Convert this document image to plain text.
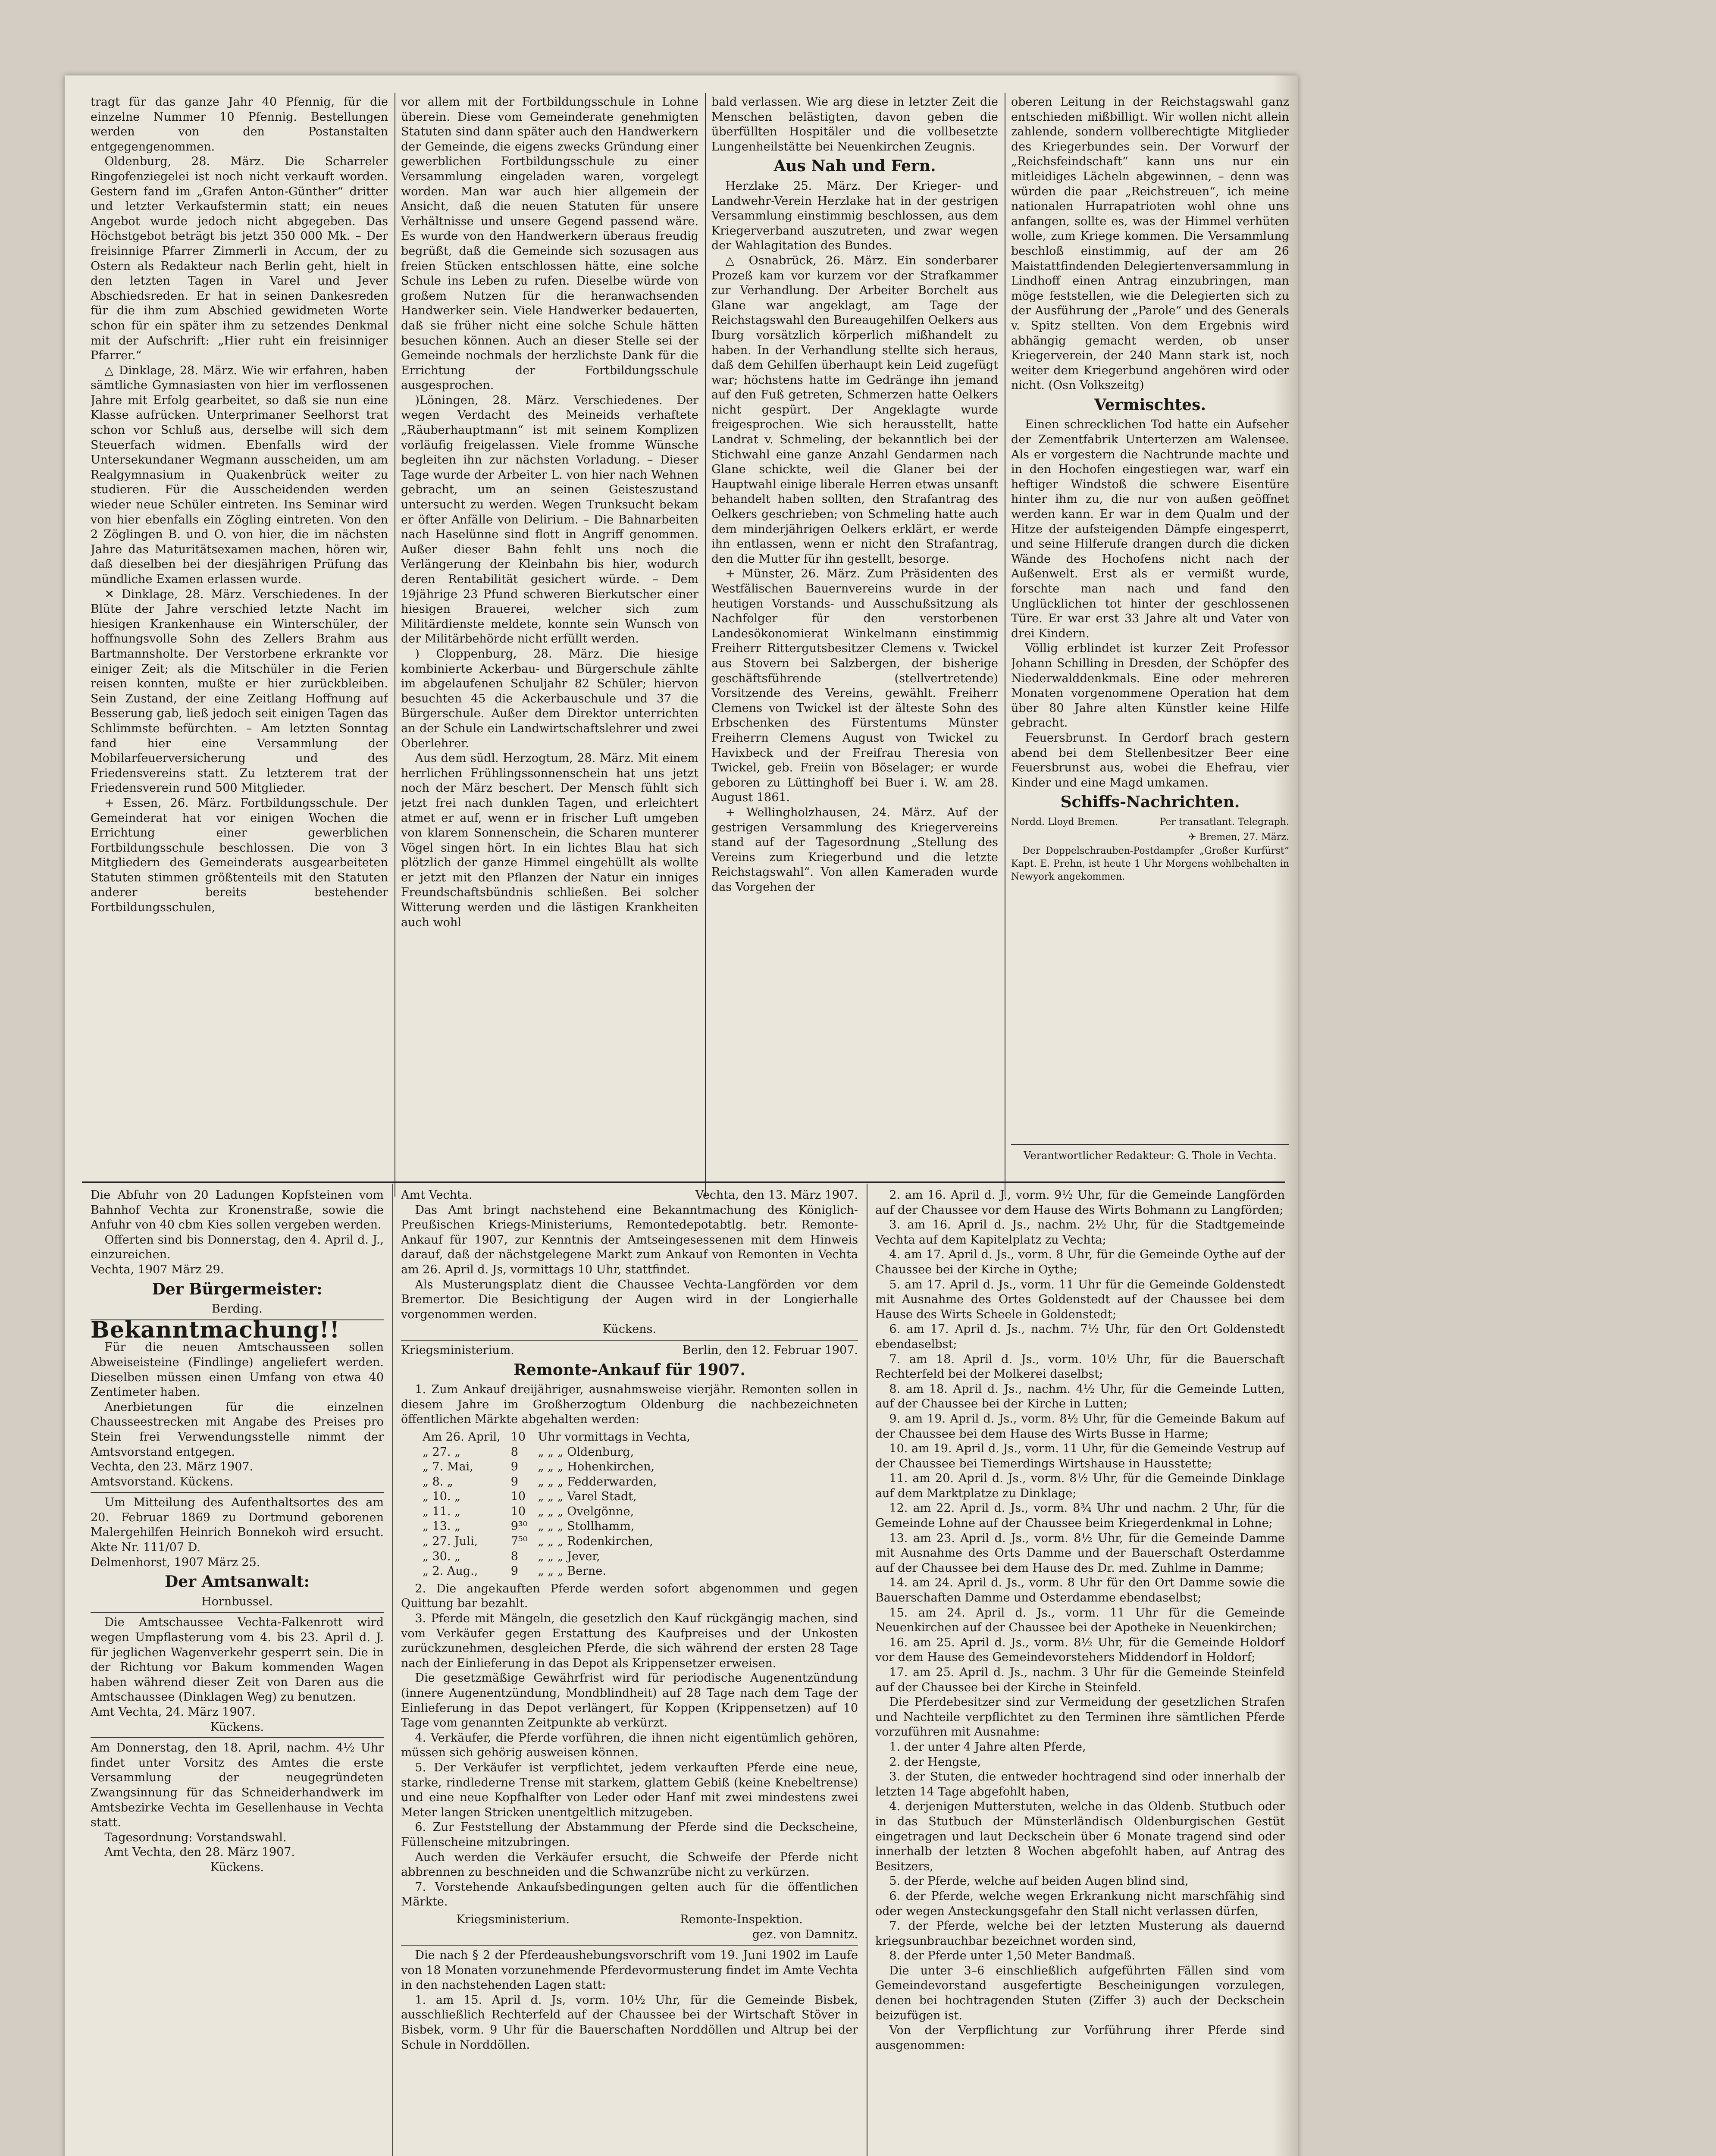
tragt für das ganze Jahr 40 Pfennig, für die einzelne Nummer 10 Pfennig. Bestellungen werden von den Postanstalten entgegengenommen.

Oldenburg, 28. März. Die Scharreler Ringofenziegelei ist noch nicht verkauft worden. Gestern fand im „Grafen Anton-Günther“ dritter und letzter Verkaufstermin statt; ein neues Angebot wurde jedoch nicht abgegeben. Das Höchstgebot beträgt bis jetzt 350 000 Mk. – Der freisinnige Pfarrer Zimmerli in Accum, der zu Ostern als Redakteur nach Berlin geht, hielt in den letzten Tagen in Varel und Jever Abschiedsreden. Er hat in seinen Dankesreden für die ihm zum Abschied gewidmeten Worte schon für ein später ihm zu setzendes Denkmal mit der Aufschrift: „Hier ruht ein freisinniger Pfarrer.“

△ Dinklage, 28. März. Wie wir erfahren, haben sämtliche Gymnasiasten von hier im verflossenen Jahre mit Erfolg gearbeitet, so daß sie nun eine Klasse aufrücken. Unterprimaner Seelhorst trat schon vor Schluß aus, derselbe will sich dem Steuerfach widmen. Ebenfalls wird der Untersekundaner Wegmann ausscheiden, um am Realgymnasium in Quakenbrück weiter zu studieren. Für die Ausscheidenden werden wieder neue Schüler eintreten. Ins Seminar wird von hier ebenfalls ein Zögling eintreten. Von den 2 Zöglingen B. und O. von hier, die im nächsten Jahre das Maturitätsexamen machen, hören wir, daß dieselben bei der diesjährigen Prüfung das mündliche Examen erlassen wurde.

✕ Dinklage, 28. März. Verschiedenes. In der Blüte der Jahre verschied letzte Nacht im hiesigen Krankenhause ein Winterschüler, der hoffnungsvolle Sohn des Zellers Brahm aus Bartmannsholte. Der Verstorbene erkrankte vor einiger Zeit; als die Mitschüler in die Ferien reisen konnten, mußte er hier zurückbleiben. Sein Zustand, der eine Zeitlang Hoffnung auf Besserung gab, ließ jedoch seit einigen Tagen das Schlimmste befürchten. – Am letzten Sonntag fand hier eine Versammlung der Mobilarfeuerversicherung und des Friedensvereins statt. Zu letzterem trat der Friedensverein rund 500 Mitglieder.

+ Essen, 26. März. Fortbildungsschule. Der Gemeinderat hat vor einigen Wochen die Errichtung einer gewerblichen Fortbildungsschule beschlossen. Die von 3 Mitgliedern des Gemeinderats ausgearbeiteten Statuten stimmen größtenteils mit den Statuten anderer bereits bestehender Fortbildungsschulen,

vor allem mit der Fortbildungsschule in Lohne überein. Diese vom Gemeinderate genehmigten Statuten sind dann später auch den Handwerkern der Gemeinde, die eigens zwecks Gründung einer gewerblichen Fortbildungsschule zu einer Versammlung eingeladen waren, vorgelegt worden. Man war auch hier allgemein der Ansicht, daß die neuen Statuten für unsere Verhältnisse und unsere Gegend passend wäre. Es wurde von den Handwerkern überaus freudig begrüßt, daß die Gemeinde sich sozusagen aus freien Stücken entschlossen hätte, eine solche Schule ins Leben zu rufen. Dieselbe würde von großem Nutzen für die heranwachsenden Handwerker sein. Viele Handwerker bedauerten, daß sie früher nicht eine solche Schule hätten besuchen können. Auch an dieser Stelle sei der Gemeinde nochmals der herzlichste Dank für die Errichtung der Fortbildungsschule ausgesprochen.

)Löningen, 28. März. Verschiedenes. Der wegen Verdacht des Meineids verhaftete „Räuberhauptmann“ ist mit seinem Komplizen vorläufig freigelassen. Viele fromme Wünsche begleiten ihn zur nächsten Vorladung. – Dieser Tage wurde der Arbeiter L. von hier nach Wehnen gebracht, um an seinen Geisteszustand untersucht zu werden. Wegen Trunksucht bekam er öfter Anfälle von Delirium. – Die Bahnarbeiten nach Haselünne sind flott in Angriff genommen. Außer dieser Bahn fehlt uns noch die Verlängerung der Kleinbahn bis hier, wodurch deren Rentabilität gesichert würde. – Dem 19jährige 23 Pfund schweren Bierkutscher einer hiesigen Brauerei, welcher sich zum Militärdienste meldete, konnte sein Wunsch von der Militärbehörde nicht erfüllt werden.

) Cloppenburg, 28. März. Die hiesige kombinierte Ackerbau- und Bürgerschule zählte im abgelaufenen Schuljahr 82 Schüler; hiervon besuchten 45 die Ackerbauschule und 37 die Bürgerschule. Außer dem Direktor unterrichten an der Schule ein Landwirtschaftslehrer und zwei Oberlehrer.

Aus dem südl. Herzogtum, 28. März. Mit einem herrlichen Frühlingssonnenschein hat uns jetzt noch der März beschert. Der Mensch fühlt sich jetzt frei nach dunklen Tagen, und erleichtert atmet er auf, wenn er in frischer Luft umgeben von klarem Sonnenschein, die Scharen munterer Vögel singen hört. In ein lichtes Blau hat sich plötzlich der ganze Himmel eingehüllt als wollte er jetzt mit den Pflanzen der Natur ein inniges Freundschaftsbündnis schließen. Bei solcher Witterung werden und die lästigen Krankheiten auch wohl

bald verlassen. Wie arg diese in letzter Zeit die Menschen belästigten, davon geben die überfüllten Hospitäler und die vollbesetzte Lungenheilstätte bei Neuenkirchen Zeugnis.

Aus Nah und Fern.

Herzlake 25. März. Der Krieger- und Landwehr-Verein Herzlake hat in der gestrigen Versammlung einstimmig beschlossen, aus dem Kriegerverband auszutreten, und zwar wegen der Wahlagitation des Bundes.

△ Osnabrück, 26. März. Ein sonderbarer Prozeß kam vor kurzem vor der Strafkammer zur Verhandlung. Der Arbeiter Borchelt aus Glane war angeklagt, am Tage der Reichstagswahl den Bureaugehilfen Oelkers aus Iburg vorsätzlich körperlich mißhandelt zu haben. In der Verhandlung stellte sich heraus, daß dem Gehilfen überhaupt kein Leid zugefügt war; höchstens hatte im Gedränge ihn jemand auf den Fuß getreten, Schmerzen hatte Oelkers nicht gespürt. Der Angeklagte wurde freigesprochen. Wie sich herausstellt, hatte Landrat v. Schmeling, der bekanntlich bei der Stichwahl eine ganze Anzahl Gendarmen nach Glane schickte, weil die Glaner bei der Hauptwahl einige liberale Herren etwas unsanft behandelt haben sollten, den Strafantrag des Oelkers geschrieben; von Schmeling hatte auch dem minderjährigen Oelkers erklärt, er werde ihn entlassen, wenn er nicht den Strafantrag, den die Mutter für ihn gestellt, besorge.

+ Münster, 26. März. Zum Präsidenten des Westfälischen Bauernvereins wurde in der heutigen Vorstands- und Ausschußsitzung als Nachfolger für den verstorbenen Landesökonomierat Winkelmann einstimmig Freiherr Rittergutsbesitzer Clemens v. Twickel aus Stovern bei Salzbergen, der bisherige geschäftsführende (stellvertretende) Vorsitzende des Vereins, gewählt. Freiherr Clemens von Twickel ist der älteste Sohn des Erbschenken des Fürstentums Münster Freiherrn Clemens August von Twickel zu Havixbeck und der Freifrau Theresia von Twickel, geb. Freiin von Böselager; er wurde geboren zu Lüttinghoff bei Buer i. W. am 28. August 1861.

+ Wellingholzhausen, 24. März. Auf der gestrigen Versammlung des Kriegervereins stand auf der Tagesordnung „Stellung des Vereins zum Kriegerbund und die letzte Reichstagswahl“. Von allen Kameraden wurde das Vorgehen der

oberen Leitung in der Reichstagswahl ganz entschieden mißbilligt. Wir wollen nicht allein zahlende, sondern vollberechtigte Mitglieder des Kriegerbundes sein. Der Vorwurf der „Reichsfeindschaft“ kann uns nur ein mitleidiges Lächeln abgewinnen, – denn was würden die paar „Reichstreuen“, ich meine nationalen Hurrapatrioten wohl ohne uns anfangen, sollte es, was der Himmel verhüten wolle, zum Kriege kommen. Die Versammlung beschloß einstimmig, auf der am 26 Maistattfindenden Delegiertenversammlung in Lindhoff einen Antrag einzubringen, man möge feststellen, wie die Delegierten sich zu der Ausführung der „Parole“ und des Generals v. Spitz stellten. Von dem Ergebnis wird abhängig gemacht werden, ob unser Kriegerverein, der 240 Mann stark ist, noch weiter dem Kriegerbund angehören wird oder nicht. (Osn Volkszeitg)

Vermischtes.

Einen schrecklichen Tod hatte ein Aufseher der Zementfabrik Unterterzen am Walensee. Als er vorgestern die Nachtrunde machte und in den Hochofen eingestiegen war, warf ein heftiger Windstoß die schwere Eisentüre hinter ihm zu, die nur von außen geöffnet werden kann. Er war in dem Qualm und der Hitze der aufsteigenden Dämpfe eingesperrt, und seine Hilferufe drangen durch die dicken Wände des Hochofens nicht nach der Außenwelt. Erst als er vermißt wurde, forschte man nach und fand den Unglücklichen tot hinter der geschlossenen Türe. Er war erst 33 Jahre alt und Vater von drei Kindern.

Völlig erblindet ist kurzer Zeit Professor Johann Schilling in Dresden, der Schöpfer des Niederwalddenkmals. Eine oder mehreren Monaten vorgenommene Operation hat dem über 80 Jahre alten Künstler keine Hilfe gebracht.

Feuersbrunst. In Gerdorf brach gestern abend bei dem Stellenbesitzer Beer eine Feuersbrunst aus, wobei die Ehefrau, vier Kinder und eine Magd umkamen.

Schiffs-Nachrichten.

Nordd. Lloyd Bremen.	Per transatlant. Telegraph.

✈ Bremen, 27. März.

Der Doppelschrauben-Postdampfer „Großer Kurfürst“ Kapt. E. Prehn, ist heute 1 Uhr Morgens wohlbehalten in Newyork angekommen.

Verantwortlicher Redakteur: G. Thole in Vechta.

Die Abfuhr von 20 Ladungen Kopfsteinen vom Bahnhof Vechta zur Kronenstraße, sowie die Anfuhr von 40 cbm Kies sollen vergeben werden.

Offerten sind bis Donnerstag, den 4. April d. J., einzureichen.

Vechta, 1907 März 29.

Der Bürgermeister:

Berding.

Bekanntmachung!!

Für die neuen Amtschausseen sollen Abweiseisteine (Findlinge) angeliefert werden. Dieselben müssen einen Umfang von etwa 40 Zentimeter haben.

Anerbietungen für die einzelnen Chausseestrecken mit Angabe des Preises pro Stein frei Verwendungsstelle nimmt der Amtsvorstand entgegen.

Vechta, den 23. März 1907.

Amtsvorstand. Kückens.

Um Mitteilung des Aufenthaltsortes des am 20. Februar 1869 zu Dortmund geborenen Malergehilfen Heinrich Bonnekoh wird ersucht. Akte Nr. 111/07 D.

Delmenhorst, 1907 März 25.

Der Amtsanwalt:

Hornbussel.

Die Amtschaussee Vechta-Falkenrott wird wegen Umpflasterung vom 4. bis 23. April d. J. für jeglichen Wagenverkehr gesperrt sein. Die in der Richtung vor Bakum kommenden Wagen haben während dieser Zeit von Daren aus die Amtschaussee (Dinklagen Weg) zu benutzen.

Amt Vechta, 24. März 1907.

Kückens.

Am Donnerstag, den 18. April, nachm. 4½ Uhr findet unter Vorsitz des Amtes die erste Versammlung der neugegründeten Zwangsinnung für das Schneiderhandwerk im Amtsbezirke Vechta im Gesellenhause in Vechta statt.

Tagesordnung: Vorstandswahl.

Amt Vechta, den 28. März 1907.

Kückens.

Amt Vechta.	Vechta, den 13. März 1907.

Das Amt bringt nachstehend eine Bekanntmachung des Königlich-Preußischen Kriegs-Ministeriums, Remontedepotabtlg. betr. Remonte-Ankauf für 1907, zur Kenntnis der Amtseingesessenen mit dem Hinweis darauf, daß der nächstgelegene Markt zum Ankauf von Remonten in Vechta am 26. April d. Js, vormittags 10 Uhr, stattfindet.

Als Musterungsplatz dient die Chaussee Vechta-Langförden vor dem Bremertor. Die Besichtigung der Augen wird in der Longierhalle vorgenommen werden.

Kückens.

Kriegsministerium.	Berlin, den 12. Februar 1907.

Remonte-Ankauf für 1907.

1. Zum Ankauf dreijähriger, ausnahmsweise vierjähr. Remonten sollen in diesem Jahre im Großherzogtum Oldenburg die nachbezeichneten öffentlichen Märkte abgehalten werden:

Am 26. April,	10	Uhr vormittags in Vechta,
„ 27. „	8	„ „ „ Oldenburg,
„ 7. Mai,	9	„ „ „ Hohenkirchen,
„ 8. „	9	„ „ „ Fedderwarden,
„ 10. „	10	„ „ „ Varel Stadt,
„ 11. „	10	„ „ „ Ovelgönne,
„ 13. „	9³⁰	„ „ „ Stollhamm,
„ 27. Juli,	7⁵⁰	„ „ „ Rodenkirchen,
„ 30. „	8	„ „ „ Jever,
„ 2. Aug.,	9	„ „ „ Berne.

2. Die angekauften Pferde werden sofort abgenommen und gegen Quittung bar bezahlt.

3. Pferde mit Mängeln, die gesetzlich den Kauf rückgängig machen, sind vom Verkäufer gegen Erstattung des Kaufpreises und der Unkosten zurückzunehmen, desgleichen Pferde, die sich während der ersten 28 Tage nach der Einlieferung in das Depot als Krippensetzer erweisen.

Die gesetzmäßige Gewährfrist wird für periodische Augenentzündung (innere Augenentzündung, Mondblindheit) auf 28 Tage nach dem Tage der Einlieferung in das Depot verlängert, für Koppen (Krippensetzen) auf 10 Tage vom genannten Zeitpunkte ab verkürzt.

4. Verkäufer, die Pferde vorführen, die ihnen nicht eigentümlich gehören, müssen sich gehörig ausweisen können.

5. Der Verkäufer ist verpflichtet, jedem verkauften Pferde eine neue, starke, rindlederne Trense mit starkem, glattem Gebiß (keine Knebeltrense) und eine neue Kopfhalfter von Leder oder Hanf mit zwei mindestens zwei Meter langen Stricken unentgeltlich mitzugeben.

6. Zur Feststellung der Abstammung der Pferde sind die Deckscheine, Füllenscheine mitzubringen.

Auch werden die Verkäufer ersucht, die Schweife der Pferde nicht abbrennen zu beschneiden und die Schwanzrübe nicht zu verkürzen.

7. Vorstehende Ankaufsbedingungen gelten auch für die öffentlichen Märkte.

Kriegsministerium.	Remonte-Inspektion.

gez. von Damnitz.

Die nach § 2 der Pferdeaushebungsvorschrift vom 19. Juni 1902 im Laufe von 18 Monaten vorzunehmende Pferdevormusterung findet im Amte Vechta in den nachstehenden Lagen statt:

1. am 15. April d. Js, vorm. 10½ Uhr, für die Gemeinde Bisbek, ausschließlich Rechterfeld auf der Chaussee bei der Wirtschaft Stöver in Bisbek, vorm. 9 Uhr für die Bauerschaften Norddöllen und Altrup bei der Schule in Norddöllen.

2. am 16. April d. J., vorm. 9½ Uhr, für die Gemeinde Langförden auf der Chaussee vor dem Hause des Wirts Bohmann zu Langförden;

3. am 16. April d. Js., nachm. 2½ Uhr, für die Stadtgemeinde Vechta auf dem Kapitelplatz zu Vechta;

4. am 17. April d. Js., vorm. 8 Uhr, für die Gemeinde Oythe auf der Chaussee bei der Kirche in Oythe;

5. am 17. April d. Js., vorm. 11 Uhr für die Gemeinde Goldenstedt mit Ausnahme des Ortes Goldenstedt auf der Chaussee bei dem Hause des Wirts Scheele in Goldenstedt;

6. am 17. April d. Js., nachm. 7½ Uhr, für den Ort Goldenstedt ebendaselbst;

7. am 18. April d. Js., vorm. 10½ Uhr, für die Bauerschaft Rechterfeld bei der Molkerei daselbst;

8. am 18. April d. Js., nachm. 4½ Uhr, für die Gemeinde Lutten, auf der Chaussee bei der Kirche in Lutten;

9. am 19. April d. Js., vorm. 8½ Uhr, für die Gemeinde Bakum auf der Chaussee bei dem Hause des Wirts Busse in Harme;

10. am 19. April d. Js., vorm. 11 Uhr, für die Gemeinde Vestrup auf der Chaussee bei Tiemerdings Wirtshause in Hausstette;

11. am 20. April d. Js., vorm. 8½ Uhr, für die Gemeinde Dinklage auf dem Marktplatze zu Dinklage;

12. am 22. April d. Js., vorm. 8¾ Uhr und nachm. 2 Uhr, für die Gemeinde Lohne auf der Chaussee beim Kriegerdenkmal in Lohne;

13. am 23. April d. Js., vorm. 8½ Uhr, für die Gemeinde Damme mit Ausnahme des Orts Damme und der Bauerschaft Osterdamme auf der Chaussee bei dem Hause des Dr. med. Zuhlme in Damme;

14. am 24. April d. Js., vorm. 8 Uhr für den Ort Damme sowie die Bauerschaften Damme und Osterdamme ebendaselbst;

15. am 24. April d. Js., vorm. 11 Uhr für die Gemeinde Neuenkirchen auf der Chaussee bei der Apotheke in Neuenkirchen;

16. am 25. April d. Js., vorm. 8½ Uhr, für die Gemeinde Holdorf vor dem Hause des Gemeindevorstehers Middendorf in Holdorf;

17. am 25. April d. Js., nachm. 3 Uhr für die Gemeinde Steinfeld auf der Chaussee bei der Kirche in Steinfeld.

Die Pferdebesitzer sind zur Vermeidung der gesetzlichen Strafen und Nachteile verpflichtet zu den Terminen ihre sämtlichen Pferde vorzuführen mit Ausnahme:

1. der unter 4 Jahre alten Pferde,

2. der Hengste,

3. der Stuten, die entweder hochtragend sind oder innerhalb der letzten 14 Tage abgefohlt haben,

4. derjenigen Mutterstuten, welche in das Oldenb. Stutbuch oder in das Stutbuch der Münsterländisch Oldenburgischen Gestüt eingetragen und laut Deckschein über 6 Monate tragend sind oder innerhalb der letzten 8 Wochen abgefohlt haben, auf Antrag des Besitzers,

5. der Pferde, welche auf beiden Augen blind sind,

6. der Pferde, welche wegen Erkrankung nicht marschfähig sind oder wegen Ansteckungsgefahr den Stall nicht verlassen dürfen,

7. der Pferde, welche bei der letzten Musterung als dauernd kriegsunbrauchbar bezeichnet worden sind,

8. der Pferde unter 1,50 Meter Bandmaß.

Die unter 3–6 einschließlich aufgeführten Fällen sind vom Gemeindevorstand ausgefertigte Bescheinigungen vorzulegen, denen bei hochtragenden Stuten (Ziffer 3) auch der Deckschein beizufügen ist.

Von der Verpflichtung zur Vorführung ihrer Pferde sind ausgenommen:
